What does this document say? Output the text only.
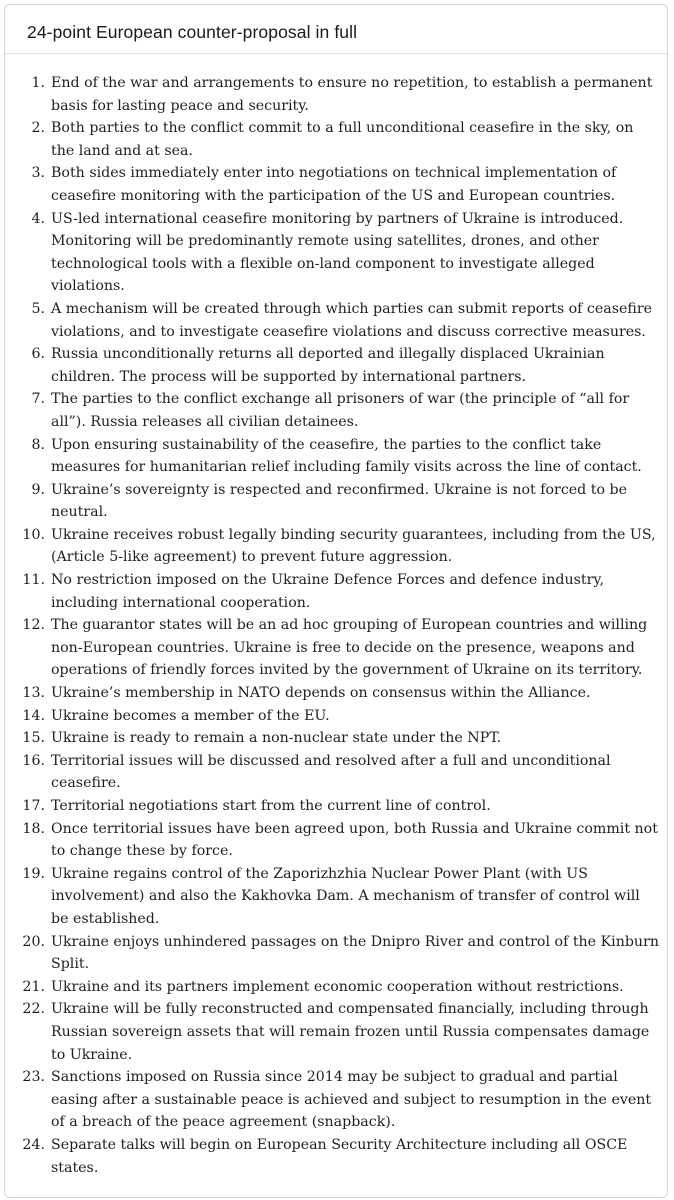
24-point European counter-proposal in full
1. End of the war and arrangements to ensure no repetition, to establish a permanent basis for lasting peace and security.
2. Both parties to the conflict commit to a full unconditional ceasefire in the sky, on the land and at sea.
3. Both sides immediately enter into negotiations on technical implementation of ceasefire monitoring with the participation of the US and European countries.
4. US-led international ceasefire monitoring by partners of Ukraine is introduced. Monitoring will be predominantly remote using satellites, drones, and other technological tools with a flexible on-land component to investigate alleged violations.
5. A mechanism will be created through which parties can submit reports of ceasefire violations, and to investigate ceasefire violations and discuss corrective measures.
6. Russia unconditionally returns all deported and illegally displaced Ukrainian children. The process will be supported by international partners.
7. The parties to the conflict exchange all prisoners of war (the principle of “all for all”). Russia releases all civilian detainees.
8. Upon ensuring sustainability of the ceasefire, the parties to the conflict take measures for humanitarian relief including family visits across the line of contact.
9. Ukraine’s sovereignty is respected and reconfirmed. Ukraine is not forced to be neutral.
10. Ukraine receives robust legally binding security guarantees, including from the US, (Article 5-like agreement) to prevent future aggression.
11. No restriction imposed on the Ukraine Defence Forces and defence industry, including international cooperation.
12. The guarantor states will be an ad hoc grouping of European countries and willing non-European countries. Ukraine is free to decide on the presence, weapons and operations of friendly forces invited by the government of Ukraine on its territory.
13. Ukraine’s membership in NATO depends on consensus within the Alliance.
14. Ukraine becomes a member of the EU.
15. Ukraine is ready to remain a non-nuclear state under the NPT.
16. Territorial issues will be discussed and resolved after a full and unconditional ceasefire.
17. Territorial negotiations start from the current line of control.
18. Once territorial issues have been agreed upon, both Russia and Ukraine commit not to change these by force.
19. Ukraine regains control of the Zaporizhzhia Nuclear Power Plant (with US involvement) and also the Kakhovka Dam. A mechanism of transfer of control will be established.
20. Ukraine enjoys unhindered passages on the Dnipro River and control of the Kinburn Split.
21. Ukraine and its partners implement economic cooperation without restrictions.
22. Ukraine will be fully reconstructed and compensated financially, including through Russian sovereign assets that will remain frozen until Russia compensates damage to Ukraine.
23. Sanctions imposed on Russia since 2014 may be subject to gradual and partial easing after a sustainable peace is achieved and subject to resumption in the event of a breach of the peace agreement (snapback).
24. Separate talks will begin on European Security Architecture including all OSCE states.
